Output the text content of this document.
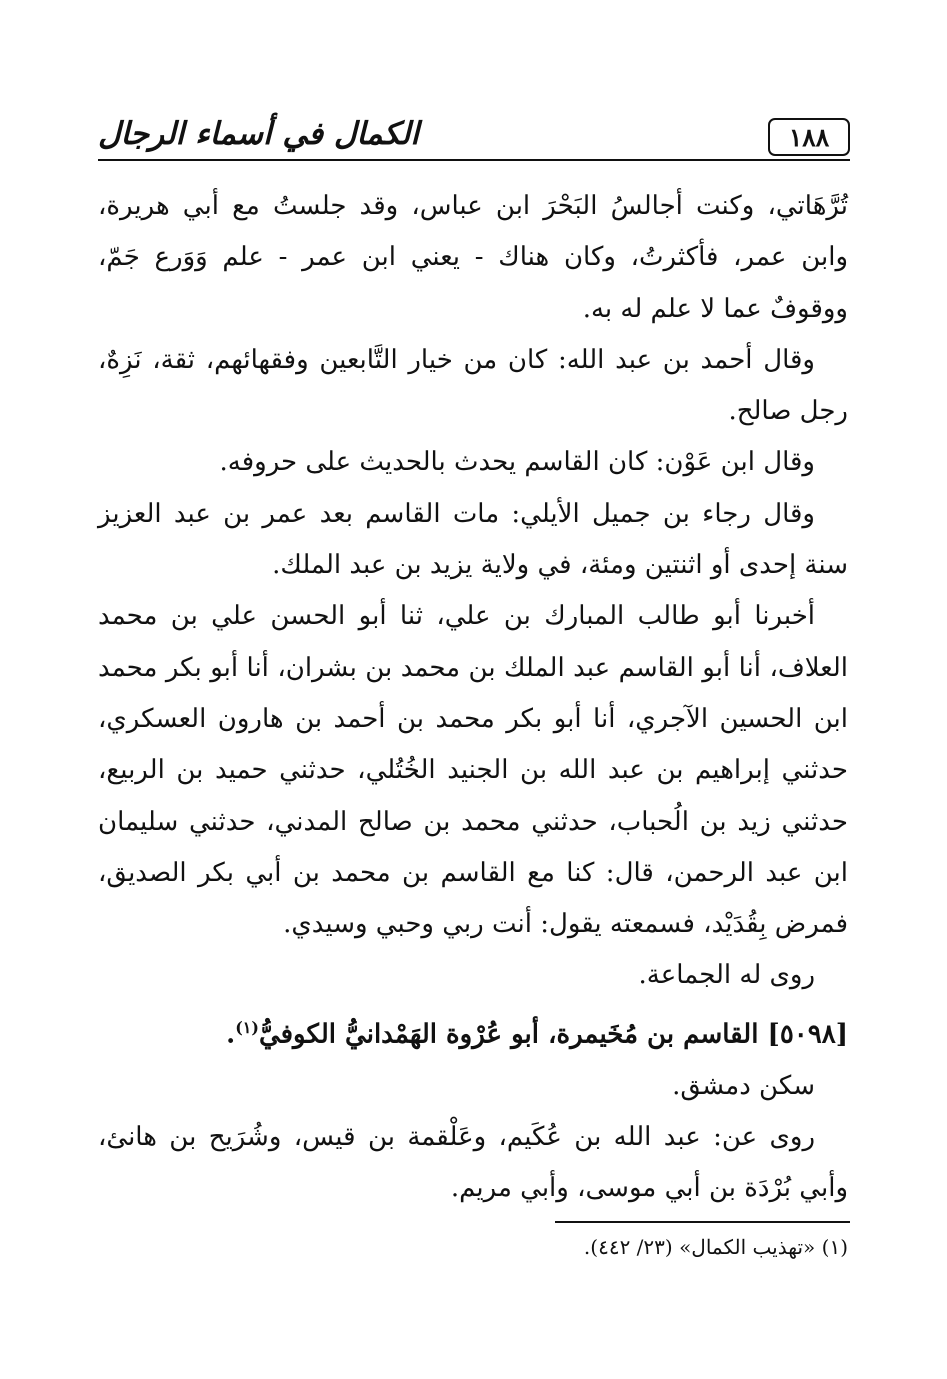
١٨٨
الكمال في أسماء الرجال

تُرَّهَاتي، وكنت أجالسُ البَحْرَ ابن عباس، وقد جلستُ مع أبي هريرة، وابن عمر، فأكثرتُ، وكان هناك - يعني ابن عمر - علم وَوَرع جَمّ، ووقوفٌ عما لا علم له به.

وقال أحمد بن عبد الله: كان من خيار التَّابعين وفقهائهم، ثقة، نَزِهٌ، رجل صالح.

وقال ابن عَوْن: كان القاسم يحدث بالحديث على حروفه.

وقال رجاء بن جميل الأيلي: مات القاسم بعد عمر بن عبد العزيز سنة إحدى أو اثنتين ومئة، في ولاية يزيد بن عبد الملك.

أخبرنا أبو طالب المبارك بن علي، ثنا أبو الحسن علي بن محمد العلاف، أنا أبو القاسم عبد الملك بن محمد بن بشران، أنا أبو بكر محمد ابن الحسين الآجري، أنا أبو بكر محمد بن أحمد بن هارون العسكري، حدثني إبراهيم بن عبد الله بن الجنيد الخُتُلي، حدثني حميد بن الربيع، حدثني زيد بن الُحباب، حدثني محمد بن صالح المدني، حدثني سليمان ابن عبد الرحمن، قال: كنا مع القاسم بن محمد بن أبي بكر الصديق، فمرض بِقُدَيْد، فسمعته يقول: أنت ربي وحبي وسيدي.

روى له الجماعة.

[٥٠٩٨] القاسم بن مُخَيمرة، أبو عُرْوة الهَمْدانيُّ الكوفيُّ$^{(١)}$.

سكن دمشق.

روى عن: عبد الله بن عُكَيم، وعَلْقمة بن قيس، وشُرَيح بن هانئ، وأبي بُرْدَة بن أبي موسى، وأبي مريم.

(١) «تهذيب الكمال» (٢٣/ ٤٤٢).
